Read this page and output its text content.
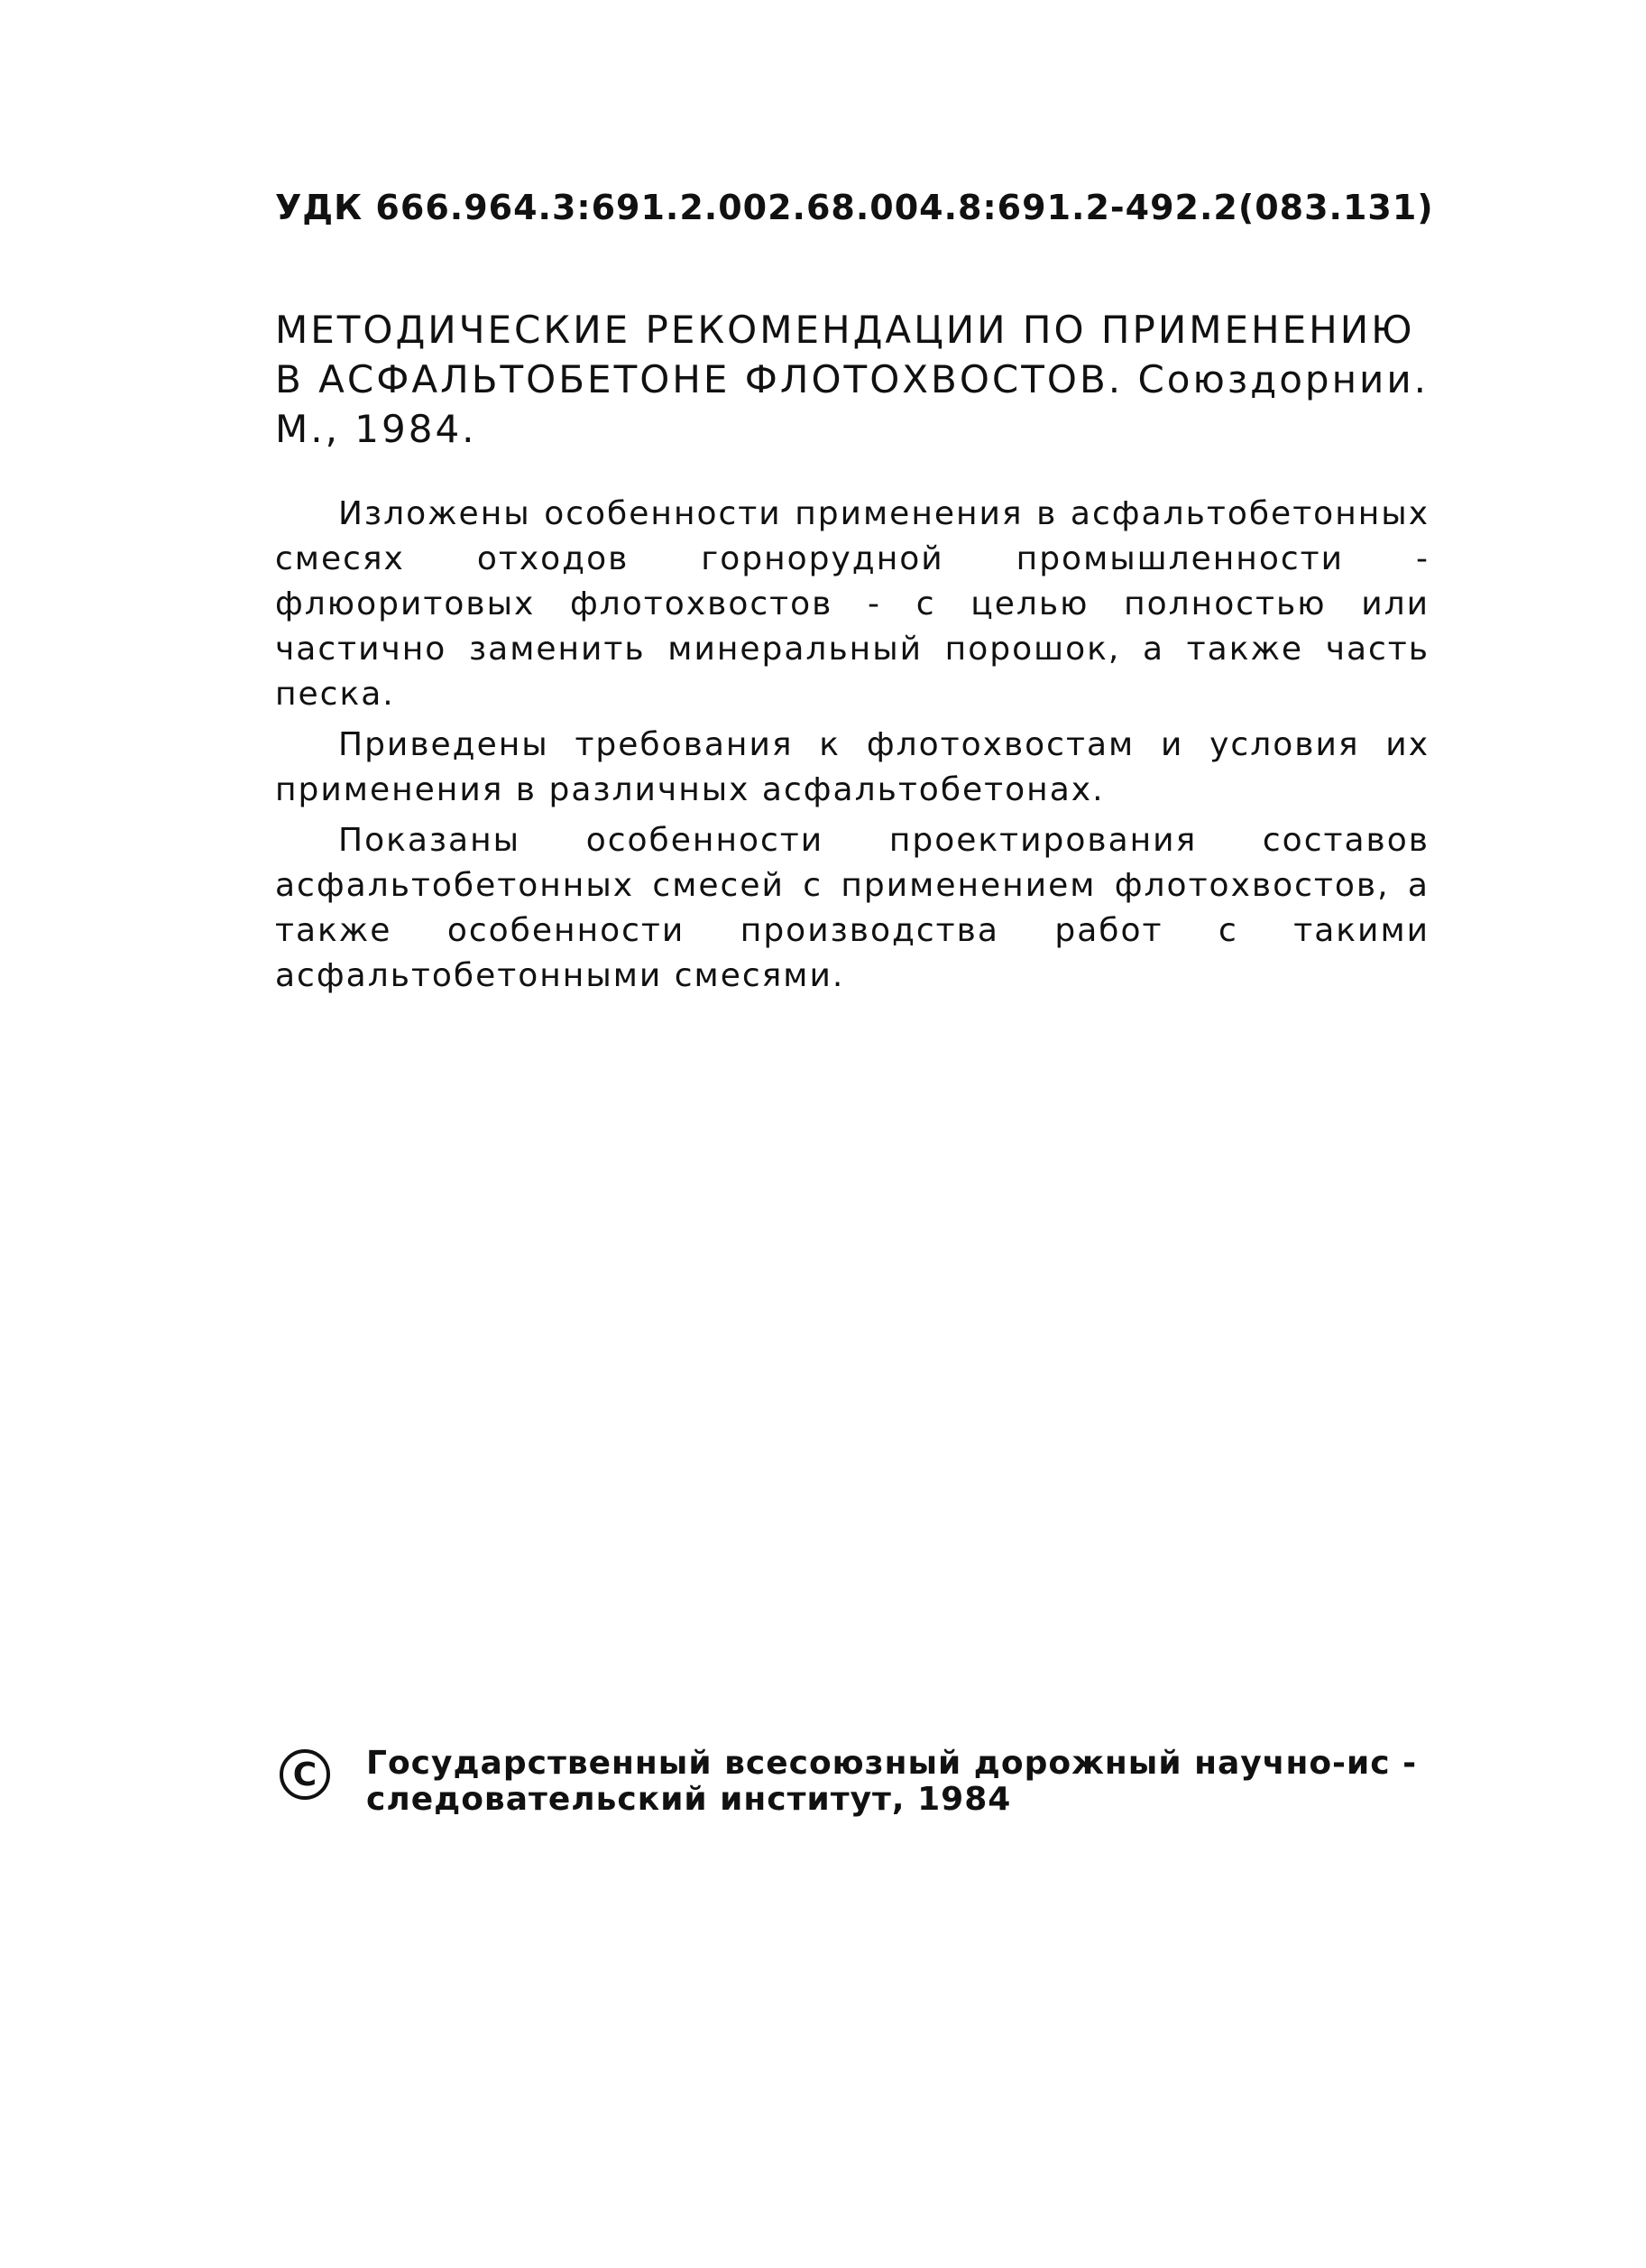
УДК 666.964.3:691.2.002.68.004.8:691.2-492.2(083.131)
МЕТОДИЧЕСКИЕ РЕКОМЕНДАЦИИ ПО ПРИМЕНЕНИЮ
В АСФАЛЬТОБЕТОНЕ ФЛОТОХВОСТОВ. Союздорнии.
М., 1984.

Изложены особенности применения в асфальтобетонных смесях отходов горнорудной промышленности - флюоритовых флотохвостов - с целью полностью или частично заменить минеральный порошок, а также часть песка.

Приведены требования к флотохвостам и условия их применения в различных асфальтобетонах.

Показаны особенности проектирования составов асфальтобетонных смесей с применением флотохвостов, а также особенности производства работ с такими асфальтобетонными смесями.

C Государственный всесоюзный дорожный научно-ис -
следовательский институт, 1984
